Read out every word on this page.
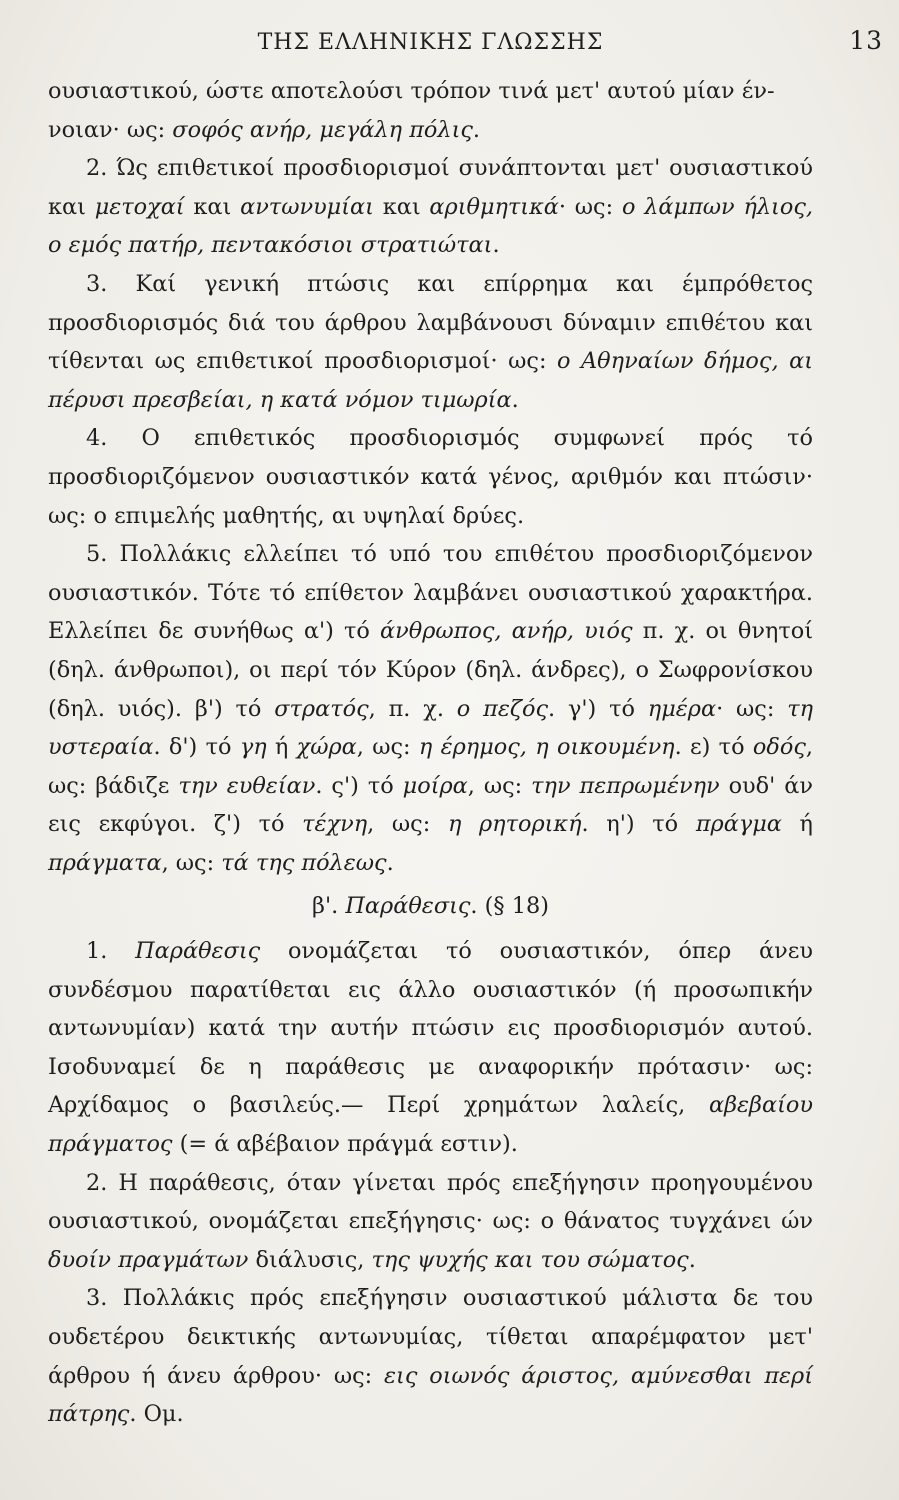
ΤΗΣ ΕΛΛΗΝΙΚΗΣ ΓΛΩΣΣΗΣ	13

ουσιαστικού, ώστε αποτελούσι τρόπον τινά μετ' αυτού μίαν έν-
νοιαν· ως: σοφός ανήρ, μεγάλη πόλις.

2. Ώς επιθετικοί προσδιορισμοί συνάπτονται μετ' ουσιαστικού και μετοχαί και αντωνυμίαι και αριθμητικά· ως: ο λάμπων ήλιος, ο εμός πατήρ, πεντακόσιοι στρατιώται.

3. Καί γενική πτώσις και επίρρημα και έμπρόθετος προσδιορισμός διά του άρθρου λαμβάνουσι δύναμιν επιθέτου και τίθενται ως επιθετικοί προσδιορισμοί· ως: ο Αθηναίων δήμος, αι πέρυσι πρεσβείαι, η κατά νόμον τιμωρία.

4. Ο επιθετικός προσδιορισμός συμφωνεί πρός τό προσδιοριζόμενον ουσιαστικόν κατά γένος, αριθμόν και πτώσιν· ως: ο επιμελής μαθητής, αι υψηλαί δρύες.

5. Πολλάκις ελλείπει τό υπό του επιθέτου προσδιοριζόμενον ουσιαστικόν. Τότε τό επίθετον λαμβάνει ουσιαστικού χαρακτήρα. Ελλείπει δε συνήθως α') τό άνθρωπος, ανήρ, υιός π. χ. οι θνητοί (δηλ. άνθρωποι), οι περί τόν Κύρον (δηλ. άνδρες), ο Σωφρονίσκου (δηλ. υιός). β') τό στρατός, π. χ. ο πεζός. γ') τό ημέρα· ως: τη υστεραία. δ') τό γη ή χώρα, ως: η έρημος, η οικουμένη. ε) τό οδός, ως: βάδιζε την ευθείαν. ς') τό μοίρα, ως: την πεπρωμένην ουδ' άν εις εκφύγοι. ζ') τό τέχνη, ως: η ρητορική. η') τό πράγμα ή πράγματα, ως: τά της πόλεως.

β'. Παράθεσις. (§ 18)

1. Παράθεσις ονομάζεται τό ουσιαστικόν, όπερ άνευ συνδέσμου παρατίθεται εις άλλο ουσιαστικόν (ή προσωπικήν αντωνυμίαν) κατά την αυτήν πτώσιν εις προσδιορισμόν αυτού. Ισοδυναμεί δε η παράθεσις με αναφορικήν πρότασιν· ως: Αρχίδαμος ο βασιλεύς.— Περί χρημάτων λαλείς, αβεβαίου πράγματος (= ά αβέβαιον πράγμά εστιν).

2. Η παράθεσις, όταν γίνεται πρός επεξήγησιν προηγουμένου ουσιαστικού, ονομάζεται επεξήγησις· ως: ο θάνατος τυγχάνει ών δυοίν πραγμάτων διάλυσις, της ψυχής και του σώματος.

3. Πολλάκις πρός επεξήγησιν ουσιαστικού μάλιστα δε του ουδετέρου δεικτικής αντωνυμίας, τίθεται απαρέμφατον μετ' άρθρου ή άνευ άρθρου· ως: εις οιωνός άριστος, αμύνεσθαι περί πάτρης. Ομ.
